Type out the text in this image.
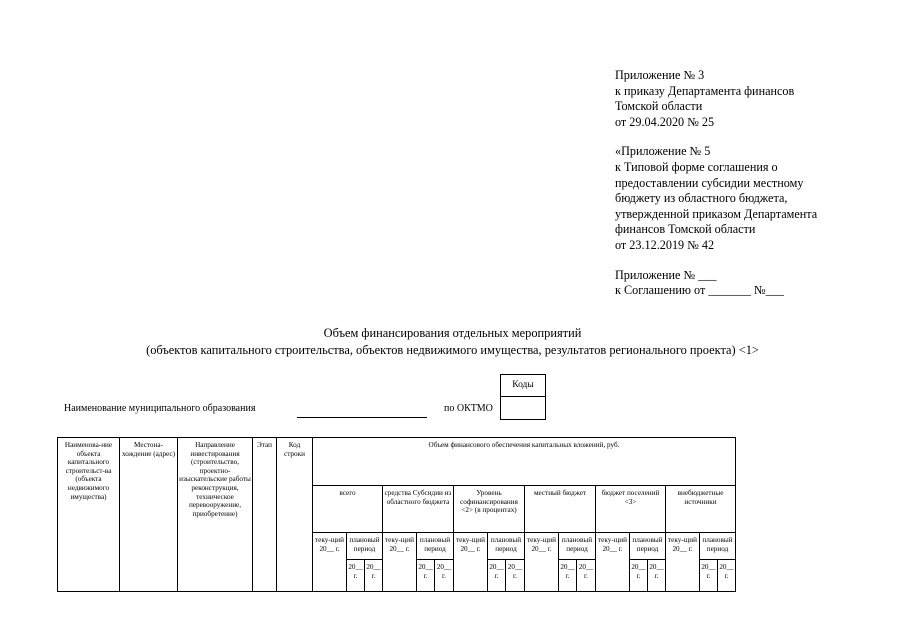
Приложение № 3
к приказу Департамента финансов
Томской области
от 29.04.2020 № 25
«Приложение № 5
к Типовой форме соглашения о
предоставлении субсидии местному
бюджету из областного бюджета,
утвержденной приказом Департамента
финансов Томской области
от 23.12.2019 № 42
Приложение № ___
к Соглашению от _______ №___
Объем финансирования отдельных мероприятий
(объектов капитального строительства, объектов недвижимого имущества, результатов регионального проекта) <1>
Коды
Наименование муниципального образования	по ОКТМО
Наименова-ние объекта капитального строительст-ва (объекта недвижимого имущества)	Местона-хождение (адрес)	Направление инвестирования (строительство, проектно-изыскательские работы реконструкция, техническое перевооружение, приобретение)	Этап	Код строки	Объем финансового обеспечения капитальных вложений, руб.																	
					всего			средства Субсидии из областного бюджета			Уровень софинансирования <2> (в процентах)			местный бюджет			бюджет поселений <3>			внебюджетные источники		
					теку-щий 20__ г.	плановый период		теку-щий 20__ г.	плановый период		теку-щий 20__ г.	плановый период		теку-щий 20__ г.	плановый период		теку-щий 20__ г.	плановый период		теку-щий 20__ г.	плановый период	
						20__ г.	20__ г.		20__ г.	20__ г.		20__ г.	20__ г.		20__ г.	20__ г.		20__ г.	20__ г.		20__ г.	20__ г.
